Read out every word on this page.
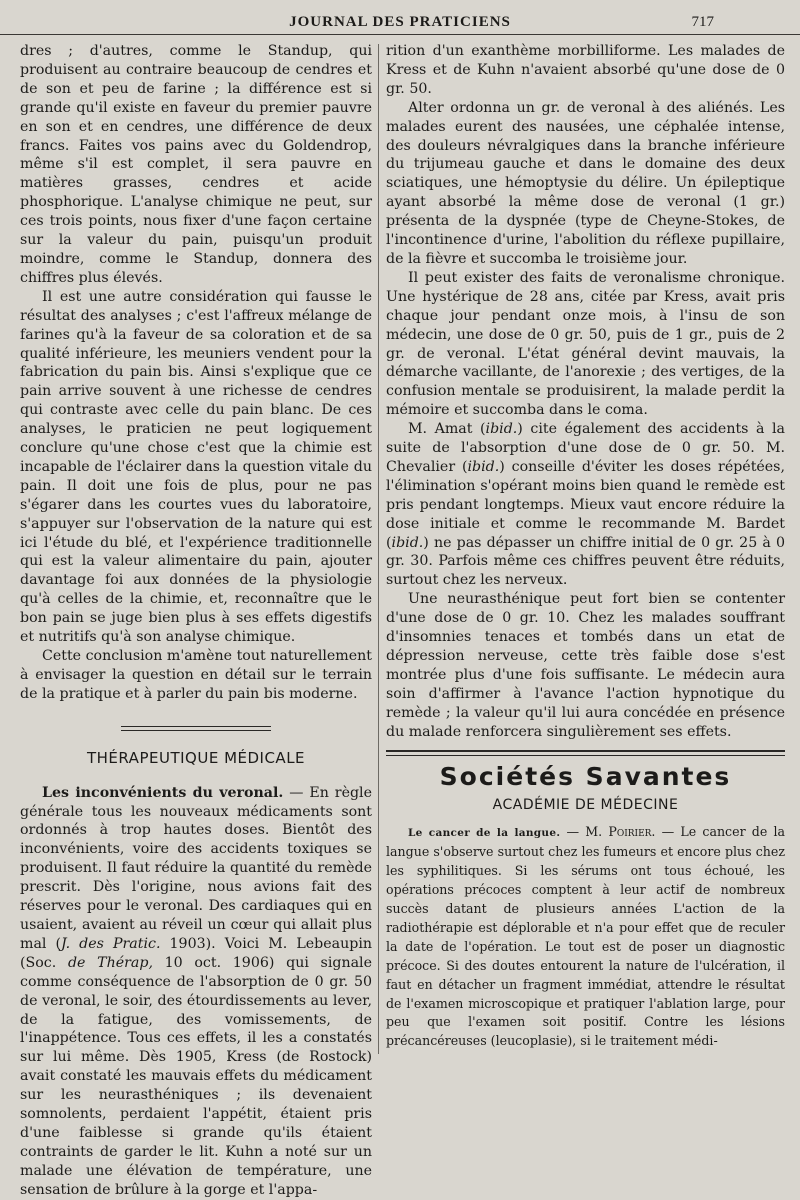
JOURNAL DES PRATICIENS	717

dres ; d'autres, comme le Standup, qui produisent au contraire beaucoup de cendres et de son et peu de farine ; la différence est si grande qu'il existe en faveur du premier pauvre en son et en cendres, une différence de deux francs. Faites vos pains avec du Goldendrop, même s'il est complet, il sera pauvre en matières grasses, cendres et acide phosphorique. L'analyse chimique ne peut, sur ces trois points, nous fixer d'une façon certaine sur la valeur du pain, puisqu'un produit moindre, comme le Standup, donnera des chiffres plus élevés.

Il est une autre considération qui fausse le résultat des analyses ; c'est l'affreux mélange de farines qu'à la faveur de sa coloration et de sa qualité inférieure, les meuniers vendent pour la fabrication du pain bis. Ainsi s'explique que ce pain arrive souvent à une richesse de cendres qui contraste avec celle du pain blanc. De ces analyses, le praticien ne peut logiquement conclure qu'une chose c'est que la chimie est incapable de l'éclairer dans la question vitale du pain. Il doit une fois de plus, pour ne pas s'égarer dans les courtes vues du laboratoire, s'appuyer sur l'observation de la nature qui est ici l'étude du blé, et l'expérience traditionnelle qui est la valeur alimentaire du pain, ajouter davantage foi aux données de la physiologie qu'à celles de la chimie, et, reconnaître que le bon pain se juge bien plus à ses effets digestifs et nutritifs qu'à son analyse chimique.

Cette conclusion m'amène tout naturellement à envisager la question en détail sur le terrain de la pratique et à parler du pain bis moderne.

THÉRAPEUTIQUE MÉDICALE

Les inconvénients du veronal. — En règle générale tous les nouveaux médicaments sont ordonnés à trop hautes doses. Bientôt des inconvénients, voire des accidents toxiques se produisent. Il faut réduire la quantité du remède prescrit. Dès l'origine, nous avions fait des réserves pour le veronal. Des cardiaques qui en usaient, avaient au réveil un cœur qui allait plus mal (J. des Pratic. 1903). Voici M. Lebeaupin (Soc. de Thérap, 10 oct. 1906) qui signale comme conséquence de l'absorption de 0 gr. 50 de veronal, le soir, des étourdissements au lever, de la fatigue, des vomissements, de l'inappétence. Tous ces effets, il les a constatés sur lui même. Dès 1905, Kress (de Rostock) avait constaté les mauvais effets du médicament sur les neurasthéniques ; ils devenaient somnolents, perdaient l'appétit, étaient pris d'une faiblesse si grande qu'ils étaient contraints de garder le lit. Kuhn a noté sur un malade une élévation de température, une sensation de brûlure à la gorge et l'appa-

rition d'un exanthème morbilliforme. Les malades de Kress et de Kuhn n'avaient absorbé qu'une dose de 0 gr. 50.

Alter ordonna un gr. de veronal à des aliénés. Les malades eurent des nausées, une céphalée intense, des douleurs névralgiques dans la branche inférieure du trijumeau gauche et dans le domaine des deux sciatiques, une hémoptysie du délire. Un épileptique ayant absorbé la même dose de veronal (1 gr.) présenta de la dyspnée (type de Cheyne-Stokes, de l'incontinence d'urine, l'abolition du réflexe pupillaire, de la fièvre et succomba le troisième jour.

Il peut exister des faits de veronalisme chronique. Une hystérique de 28 ans, citée par Kress, avait pris chaque jour pendant onze mois, à l'insu de son médecin, une dose de 0 gr. 50, puis de 1 gr., puis de 2 gr. de veronal. L'état général devint mauvais, la démarche vacillante, de l'anorexie ; des vertiges, de la confusion mentale se produisirent, la malade perdit la mémoire et succomba dans le coma.

M. Amat (ibid.) cite également des accidents à la suite de l'absorption d'une dose de 0 gr. 50. M. Chevalier (ibid.) conseille d'éviter les doses répétées, l'élimination s'opérant moins bien quand le remède est pris pendant longtemps. Mieux vaut encore réduire la dose initiale et comme le recommande M. Bardet (ibid.) ne pas dépasser un chiffre initial de 0 gr. 25 à 0 gr. 30. Parfois même ces chiffres peuvent être réduits, surtout chez les nerveux.

Une neurasthénique peut fort bien se contenter d'une dose de 0 gr. 10. Chez les malades souffrant d'insomnies tenaces et tombés dans un etat de dépression nerveuse, cette très faible dose s'est montrée plus d'une fois suffisante. Le médecin aura soin d'affirmer à l'avance l'action hypnotique du remède ; la valeur qu'il lui aura concédée en présence du malade renforcera singulièrement ses effets.

Sociétés Savantes
ACADÉMIE DE MÉDECINE

Le cancer de la langue. — M. Poirier. — Le cancer de la langue s'observe surtout chez les fumeurs et encore plus chez les syphilitiques. Si les sérums ont tous échoué, les opérations précoces comptent à leur actif de nombreux succès datant de plusieurs années L'action de la radiothérapie est déplorable et n'a pour effet que de reculer la date de l'opération. Le tout est de poser un diagnostic précoce. Si des doutes entourent la nature de l'ulcération, il faut en détacher un fragment immédiat, attendre le résultat de l'examen microscopique et pratiquer l'ablation large, pour peu que l'examen soit positif. Contre les lésions précancéreuses (leucoplasie), si le traitement médi-
